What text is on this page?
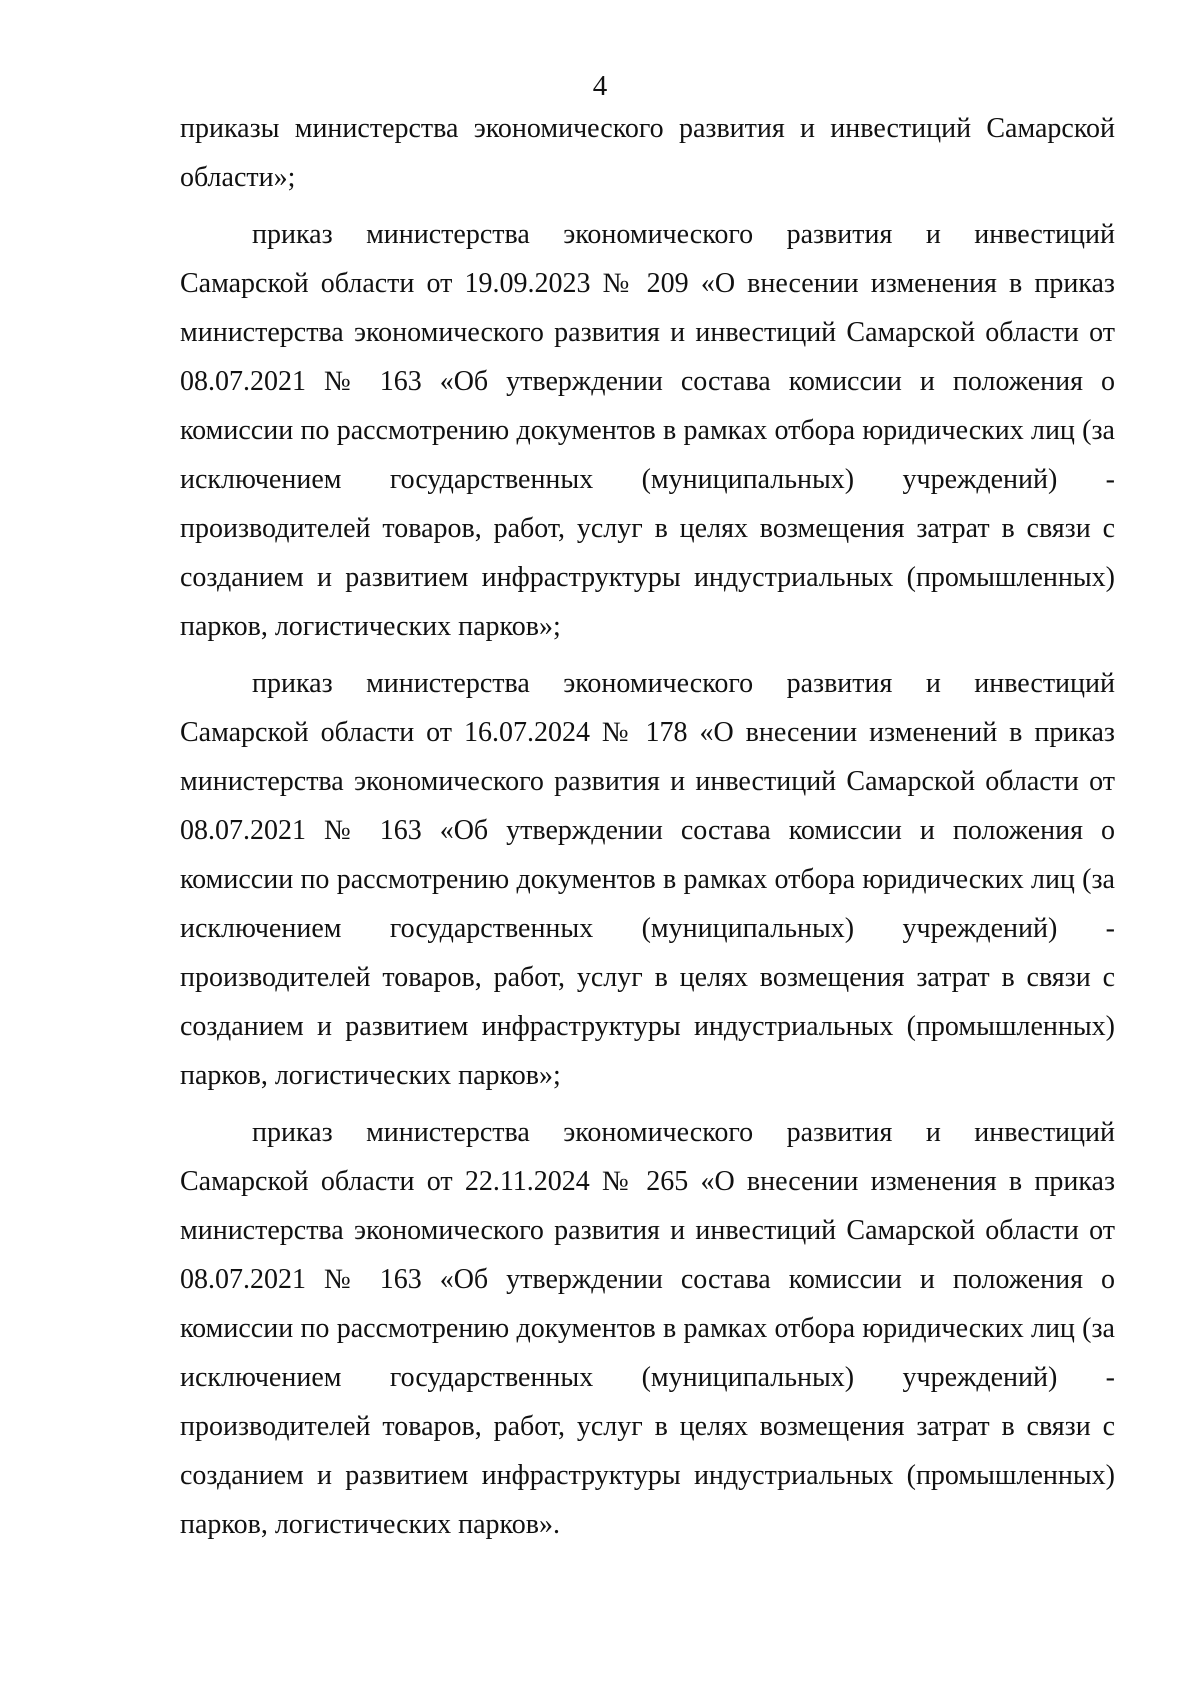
4

приказы министерства экономического развития и инвестиций Самарской области»;

приказ министерства экономического развития и инвестиций Самарской области от 19.09.2023 № 209 «О внесении изменения в приказ министерства экономического развития и инвестиций Самарской области от 08.07.2021 № 163 «Об утверждении состава комиссии и положения о комиссии по рассмотрению документов в рамках отбора юридических лиц (за исключением государственных (муниципальных) учреждений) - производителей товаров, работ, услуг в целях возмещения затрат в связи с созданием и развитием инфраструктуры индустриальных (промышленных) парков, логистических парков»;

приказ министерства экономического развития и инвестиций Самарской области от 16.07.2024 № 178 «О внесении изменений в приказ министерства экономического развития и инвестиций Самарской области от 08.07.2021 № 163 «Об утверждении состава комиссии и положения о комиссии по рассмотрению документов в рамках отбора юридических лиц (за исключением государственных (муниципальных) учреждений) - производителей товаров, работ, услуг в целях возмещения затрат в связи с созданием и развитием инфраструктуры индустриальных (промышленных) парков, логистических парков»;

приказ министерства экономического развития и инвестиций Самарской области от 22.11.2024 № 265 «О внесении изменения в приказ министерства экономического развития и инвестиций Самарской области от 08.07.2021 № 163 «Об утверждении состава комиссии и положения о комиссии по рассмотрению документов в рамках отбора юридических лиц (за исключением государственных (муниципальных) учреждений) - производителей товаров, работ, услуг в целях возмещения затрат в связи с созданием и развитием инфраструктуры индустриальных (промышленных) парков, логистических парков».
